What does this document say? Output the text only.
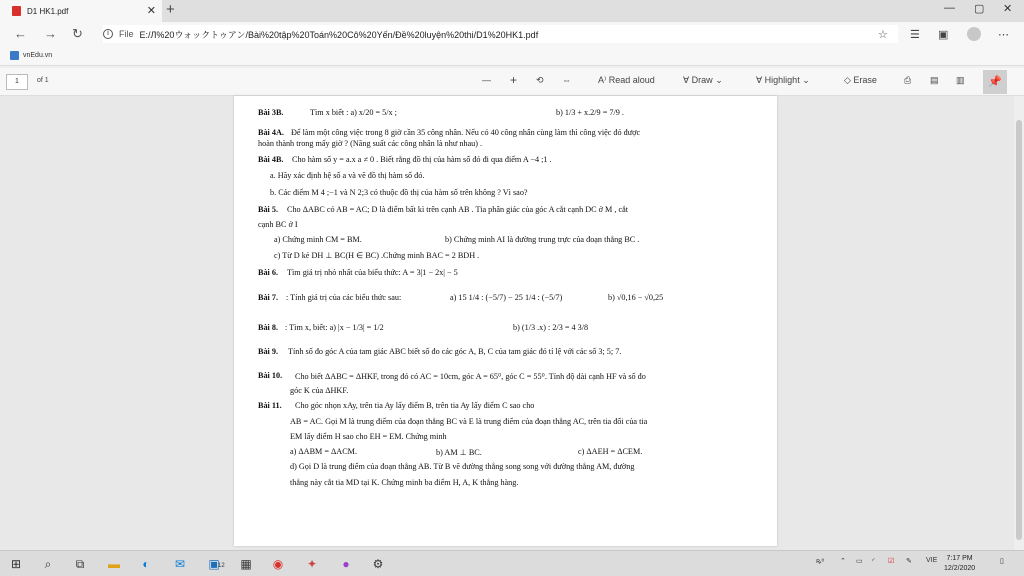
D1 HK1.pdf	✕ +	— ▢ ✕
← → ↻	i	File E:/Л%20ウォックトゥアン/Bài%20tập%20Toán%20Cô%20Yến/Đề%20luyện%20thi/D1%20HK1.pdf	☆ ☰ ▣	⋯
vnEdu.vn
1	of 1	— + ⟲ ⇔	A⁾ Read aloud	∀ Draw ⌄	∀ Highlight ⌄	◇ Erase	⎙ ▤ ▥	📌
Bài 3B.	Tìm x biết : a) x/20 = 5/x ;	b) 1/3 + x.2/9 = 7/9 .
Bài 4A. Để làm một công việc trong 8 giờ cần 35 công nhân. Nếu có 40 công nhân cùng làm thì công việc đó được
hoàn thành trong mấy giờ ? (Năng suất các công nhân là như nhau) .
Bài 4B. Cho hàm số y = a.x a ≠ 0 . Biết rằng đồ thị của hàm số đó đi qua điểm A −4 ;1 .
a. Hãy xác định hệ số a và vẽ đồ thị hàm số đó.
b. Các điểm M 4 ;−1 và N 2;3 có thuộc đồ thị của hàm số trên không ? Vì sao?
Bài 5. Cho ΔABC có AB = AC; D là điểm bất kì trên cạnh AB . Tia phân giác của góc A cắt cạnh DC ở M , cắt
cạnh BC ở I
a) Chứng minh CM = BM.	b) Chứng minh AI là đường trung trực của đoạn thẳng BC .
c) Từ D kẻ DH ⊥ BC(H ∈ BC) .Chứng minh BAC = 2 BDH .
Bài 6. Tìm giá trị nhỏ nhất của biểu thức: A = 3|1 − 2x| − 5
Bài 7. : Tính giá trị của các biểu thức sau:	a) 15 1/4 : (−5/7) − 25 1/4 : (−5/7)	b) √0,16 − √0,25
Bài 8. : Tìm x, biết: a) |x − 1/3| = 1/2	b) (1/3 .x) : 2/3 = 4 3/8
Bài 9. Tính số đo góc A của tam giác ABC biết số đo các góc A, B, C của tam giác đó tỉ lệ với các số 3; 5; 7.
Bài 10. Cho biết ΔABC = ΔHKF, trong đó có AC = 10cm, góc A = 65⁰, góc C = 55⁰. Tính độ dài cạnh HF và số đo
góc K của ΔHKF.
Bài 11. Cho góc nhọn xAy, trên tia Ay lấy điểm B, trên tia Ay lấy điểm C sao cho
AB = AC. Gọi M là trung điểm của đoạn thẳng BC và E là trung điểm của đoạn thẳng AC, trên tia đối của tia
EM lấy điểm H sao cho EH = EM. Chứng minh
a) ΔABM = ΔACM.	b) AM ⊥ BC.	c) ΔAEH = ΔCEM.
d) Gọi D là trung điểm của đoạn thẳng AB. Từ B vẽ đường thẳng song song với đường thẳng AM, đường
thẳng này cắt tia MD tại K. Chứng minh ba điểm H, A, K thẳng hàng.
⊞	⌕	⧉	▬	◐	✉ ▣
12 ▦ ◉ ✦	●	⚙	ꝶ⁸ ⌃ ▭ ◜ ☑ ✎ VIE	7:17 PM
12/2/2020
▯
